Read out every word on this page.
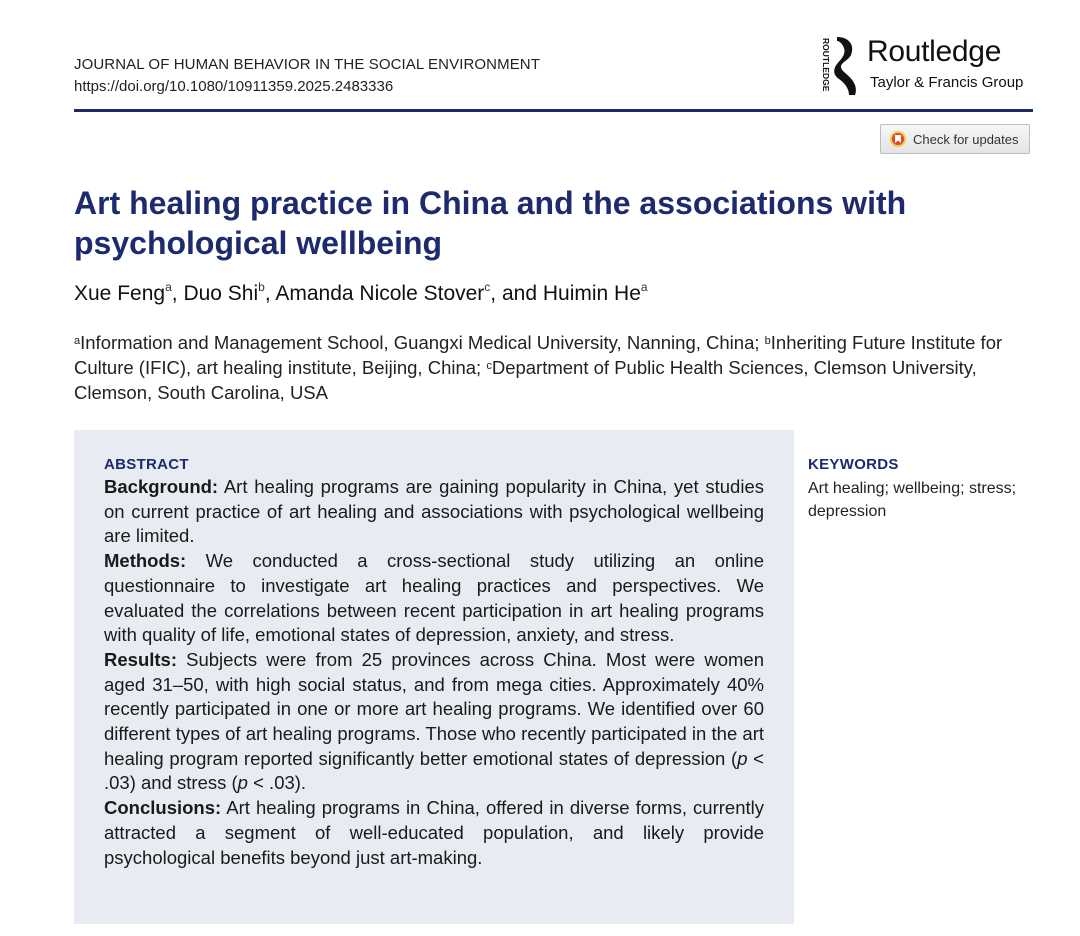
JOURNAL OF HUMAN BEHAVIOR IN THE SOCIAL ENVIRONMENT
https://doi.org/10.1080/10911359.2025.2483336	ROUTLEDGE Routledge
Taylor & Francis Group
Check for updates
Art healing practice in China and the associations with psychological wellbeing
Xue Feng$^a$, Duo Shi$^b$, Amanda Nicole Stover$^c$, and Huimin He$^a$
$^a$Information and Management School, Guangxi Medical University, Nanning, China; $^b$Inheriting Future Institute for Culture (IFIC), art healing institute, Beijing, China; $^c$Department of Public Health Sciences, Clemson University, Clemson, South Carolina, USA
ABSTRACT

Background: Art healing programs are gaining popularity in China, yet studies on current practice of art healing and associations with psychological wellbeing are limited.

Methods: We conducted a cross-sectional study utilizing an online questionnaire to investigate art healing practices and perspectives. We evaluated the correlations between recent participation in art healing programs with quality of life, emotional states of depression, anxiety, and stress.

Results: Subjects were from 25 provinces across China. Most were women aged 31–50, with high social status, and from mega cities. Approximately 40% recently participated in one or more art healing programs. We identified over 60 different types of art healing programs. Those who recently participated in the art healing program reported significantly better emotional states of depression (p < .03) and stress (p < .03).

Conclusions: Art healing programs in China, offered in diverse forms, currently attracted a segment of well-educated population, and likely provide psychological benefits beyond just art-making.

KEYWORDS
Art healing; wellbeing; stress; depression
